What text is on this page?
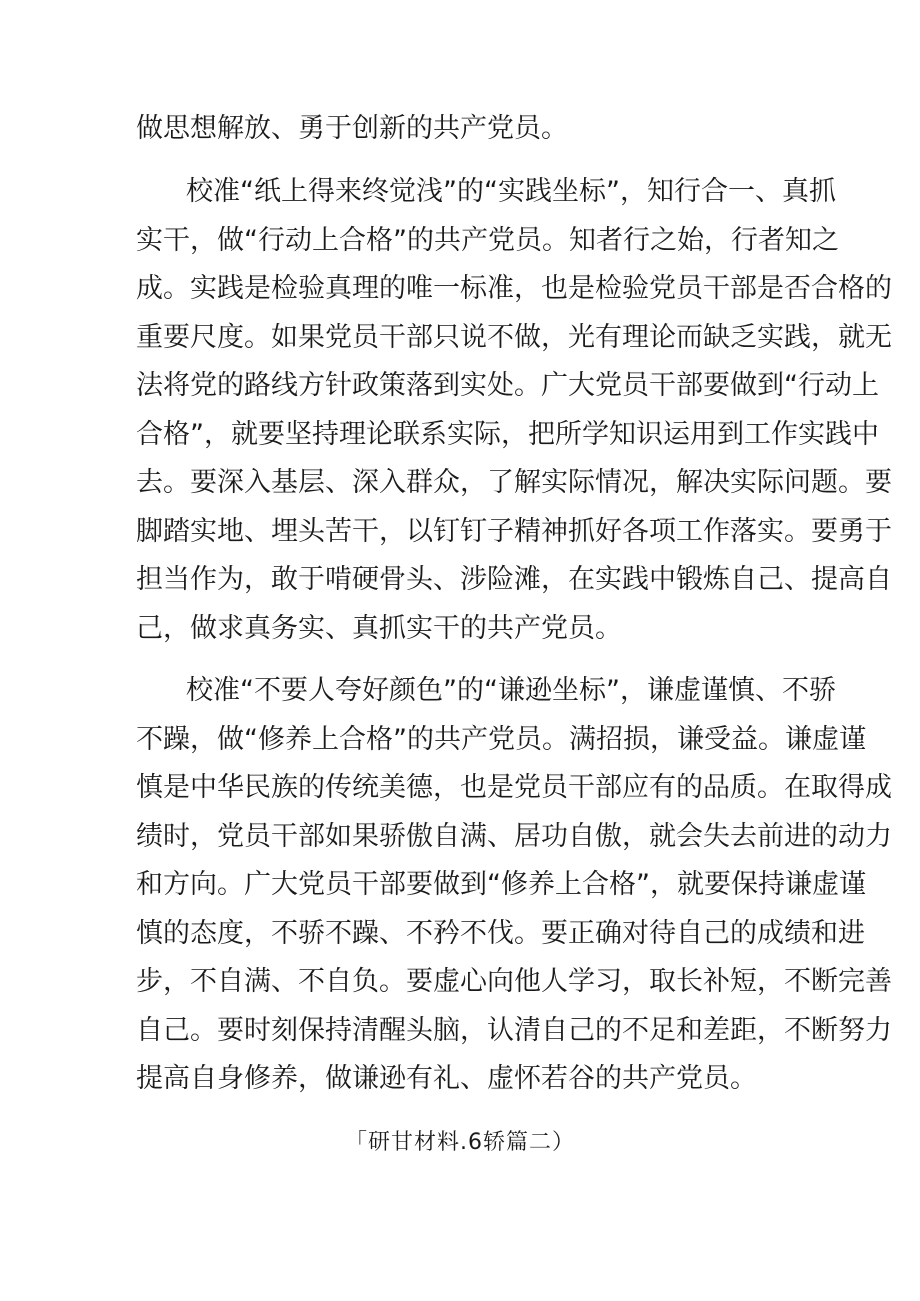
做思想解放、勇于创新的共产党员。
校准“纸上得来终觉浅”的“实践坐标”，知行合一、真抓
实干，做“行动上合格”的共产党员。知者行之始，行者知之
成。实践是检验真理的唯一标准，也是检验党员干部是否合格的
重要尺度。如果党员干部只说不做，光有理论而缺乏实践，就无
法将党的路线方针政策落到实处。广大党员干部要做到“行动上
合格”，就要坚持理论联系实际，把所学知识运用到工作实践中
去。要深入基层、深入群众，了解实际情况，解决实际问题。要
脚踏实地、埋头苦干，以钉钉子精神抓好各项工作落实。要勇于
担当作为，敢于啃硬骨头、涉险滩，在实践中锻炼自己、提高自
己，做求真务实、真抓实干的共产党员。
校准“不要人夸好颜色”的“谦逊坐标”，谦虚谨慎、不骄
不躁，做“修养上合格”的共产党员。满招损，谦受益。谦虚谨
慎是中华民族的传统美德，也是党员干部应有的品质。在取得成
绩时，党员干部如果骄傲自满、居功自傲，就会失去前进的动力
和方向。广大党员干部要做到“修养上合格”，就要保持谦虚谨
慎的态度，不骄不躁、不矜不伐。要正确对待自己的成绩和进
步，不自满、不自负。要虚心向他人学习，取长补短，不断完善
自己。要时刻保持清醒头脑，认清自己的不足和差距，不断努力
提高自身修养，做谦逊有礼、虚怀若谷的共产党员。
「研甘材料.6轿篇二）
